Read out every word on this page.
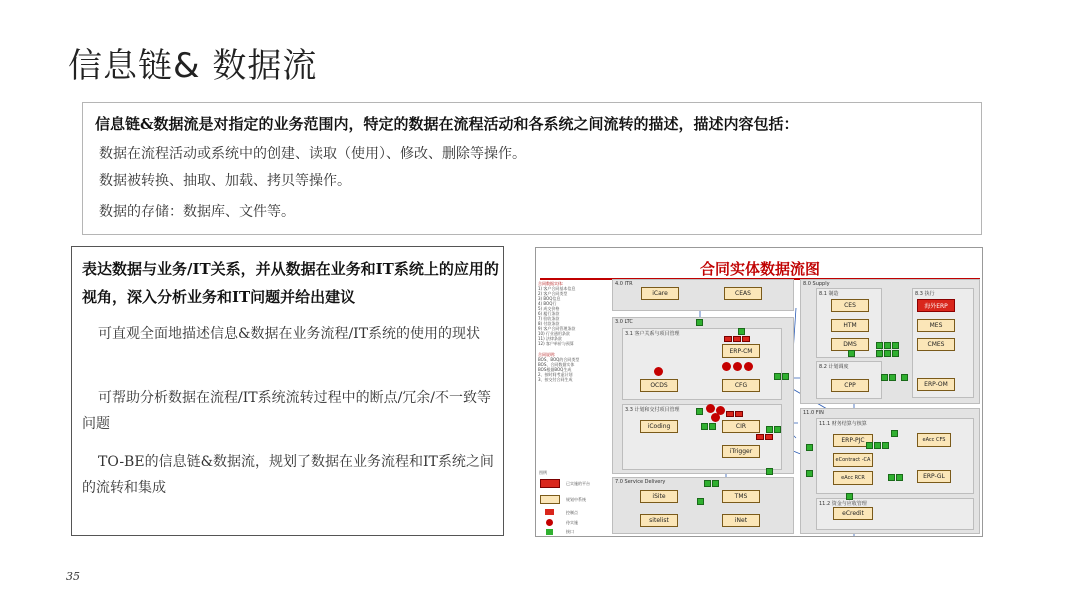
信息链& 数据流
信息链&数据流是对指定的业务范围内，特定的数据在流程活动和各系统之间流转的描述，描述内容包括：
数据在流程活动或系统中的创建、读取（使用）、修改、删除等操作。
数据被转换、抽取、加载、拷贝等操作。
数据的存储：数据库、文件等。
表达数据与业务/IT关系，并从数据在业务和IT系统上的应用的视角，深入分析业务和IT问题并给出建议
可直观全面地描述信息&数据在业务流程/IT系统的使用的现状
可帮助分析数据在流程/IT系统流转过程中的断点/冗余/不一致等问题
TO-BE的信息链&数据流，规划了数据在业务流程和IT系统之间的流转和集成
合同实体数据流图
4.0 ITR
3.0 LTC
3.1 客户关系与项目管理
3.3 计划和交付项目管理
7.0 Service Delivery
8.0 Supply
8.1 制造
8.2 计划调度
8.3 执行
11.0 FIN
11.1 财务结算与核算
11.2 资金与应收管理
合同数据实体:
1) 客户合同基本信息
2) 客户合同类型
3) BOQ信息
4) BOQ行
5) 成交价格
6) 履行条款
7) 验收条款
8) 付款条款
9) 客户合同管理条款
10) 行业通用条款
11) 法律条款
12) 客户单价与预算
合同说明:
BOS、BOQ的合同类型
BOS、合同数据实体
BOS根据BOQ生成
2、按时间考虑计划
3、按交付合同生成
图例
已实施的平台
规划中系统
控制点
待实施
接口
iCare	CEAS
ERP-CM
OCDS	CFG
iCoding	CIR
iTrigger
iSite	TMS
sitelist	iNet
CES
HTM
DMS
CPP
海外ERP
MES
CMES
ERP-OM
ERP-PJC
eContract -CA
eAcc RCR
eAcc CFS
ERP-GL
eCredit
35
